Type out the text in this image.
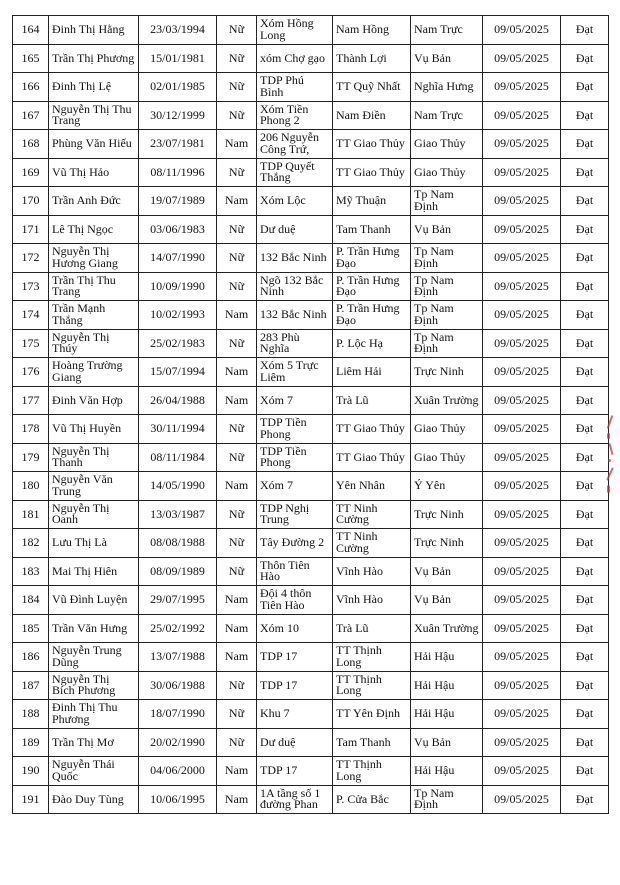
164	Đinh Thị Hằng	23/03/1994	Nữ	Xóm Hồng Long	Nam Hồng	Nam Trực	09/05/2025	Đạt
165	Trần Thị Phương	15/01/1981	Nữ	xóm Chợ gạo	Thành Lợi	Vụ Bản	09/05/2025	Đạt
166	Đinh Thị Lệ	02/01/1985	Nữ	TDP Phú Bình	TT Quỹ Nhất	Nghĩa Hưng	09/05/2025	Đạt
167	Nguyễn Thị Thu Trang	30/12/1999	Nữ	Xóm Tiền Phong 2	Nam Điền	Nam Trực	09/05/2025	Đạt
168	Phùng Văn Hiếu	23/07/1981	Nam	206 Nguyễn Công Trứ,	TT Giao Thủy	Giao Thủy	09/05/2025	Đạt
169	Vũ Thị Hảo	08/11/1996	Nữ	TDP Quyết Thắng	TT Giao Thủy	Giao Thủy	09/05/2025	Đạt
170	Trần Anh Đức	19/07/1989	Nam	Xóm Lộc	Mỹ Thuận	Tp Nam Định	09/05/2025	Đạt
171	Lê Thị Ngọc	03/06/1983	Nữ	Dư duệ	Tam Thanh	Vụ Bản	09/05/2025	Đạt
172	Nguyễn Thị Hương Giang	14/07/1990	Nữ	132 Bắc Ninh	P. Trần Hưng Đạo	Tp Nam Định	09/05/2025	Đạt
173	Trần Thị Thu Trang	10/09/1990	Nữ	Ngõ 132 Bắc Ninh	P. Trần Hưng Đạo	Tp Nam Định	09/05/2025	Đạt
174	Trần Mạnh Thắng	10/02/1993	Nam	132 Bắc Ninh	P. Trần Hưng Đạo	Tp Nam Định	09/05/2025	Đạt
175	Nguyễn Thị Thúy	25/02/1983	Nữ	283 Phù Nghĩa	P. Lộc Hạ	Tp Nam Định	09/05/2025	Đạt
176	Hoàng Trường Giang	15/07/1994	Nam	Xóm 5 Trực Liêm	Liêm Hải	Trực Ninh	09/05/2025	Đạt
177	Đinh Văn Hợp	26/04/1988	Nam	Xóm 7	Trà Lũ	Xuân Trường	09/05/2025	Đạt
178	Vũ Thị Huyền	30/11/1994	Nữ	TDP Tiền Phong	TT Giao Thủy	Giao Thủy	09/05/2025	Đạt
179	Nguyễn Thị Thanh	08/11/1984	Nữ	TDP Tiền Phong	TT Giao Thủy	Giao Thủy	09/05/2025	Đạt
180	Nguyễn Văn Trung	14/05/1990	Nam	Xóm 7	Yên Nhân	Ý Yên	09/05/2025	Đạt
181	Nguyễn Thị Oanh	13/03/1987	Nữ	TDP Nghị Trung	TT Ninh Cường	Trực Ninh	09/05/2025	Đạt
182	Lưu Thị Là	08/08/1988	Nữ	Tây Đường 2	TT Ninh Cường	Trực Ninh	09/05/2025	Đạt
183	Mai Thị Hiên	08/09/1989	Nữ	Thôn Tiên Hào	Vĩnh Hào	Vụ Bản	09/05/2025	Đạt
184	Vũ Đình Luyện	29/07/1995	Nam	Đội 4 thôn Tiên Hào	Vĩnh Hào	Vụ Bản	09/05/2025	Đạt
185	Trần Văn Hưng	25/02/1992	Nam	Xóm 10	Trà Lũ	Xuân Trường	09/05/2025	Đạt
186	Nguyễn Trung Dũng	13/07/1988	Nam	TDP 17	TT Thịnh Long	Hải Hậu	09/05/2025	Đạt
187	Nguyễn Thị Bích Phương	30/06/1988	Nữ	TDP 17	TT Thịnh Long	Hải Hậu	09/05/2025	Đạt
188	Đinh Thị Thu Phương	18/07/1990	Nữ	Khu 7	TT Yên Định	Hải Hậu	09/05/2025	Đạt
189	Trần Thị Mơ	20/02/1990	Nữ	Dư duệ	Tam Thanh	Vụ Bản	09/05/2025	Đạt
190	Nguyễn Thái Quốc	04/06/2000	Nam	TDP 17	TT Thịnh Long	Hải Hậu	09/05/2025	Đạt
191	Đào Duy Tùng	10/06/1995	Nam	1A tầng số 1 đường Phan	P. Cửa Bắc	Tp Nam Định	09/05/2025	Đạt
